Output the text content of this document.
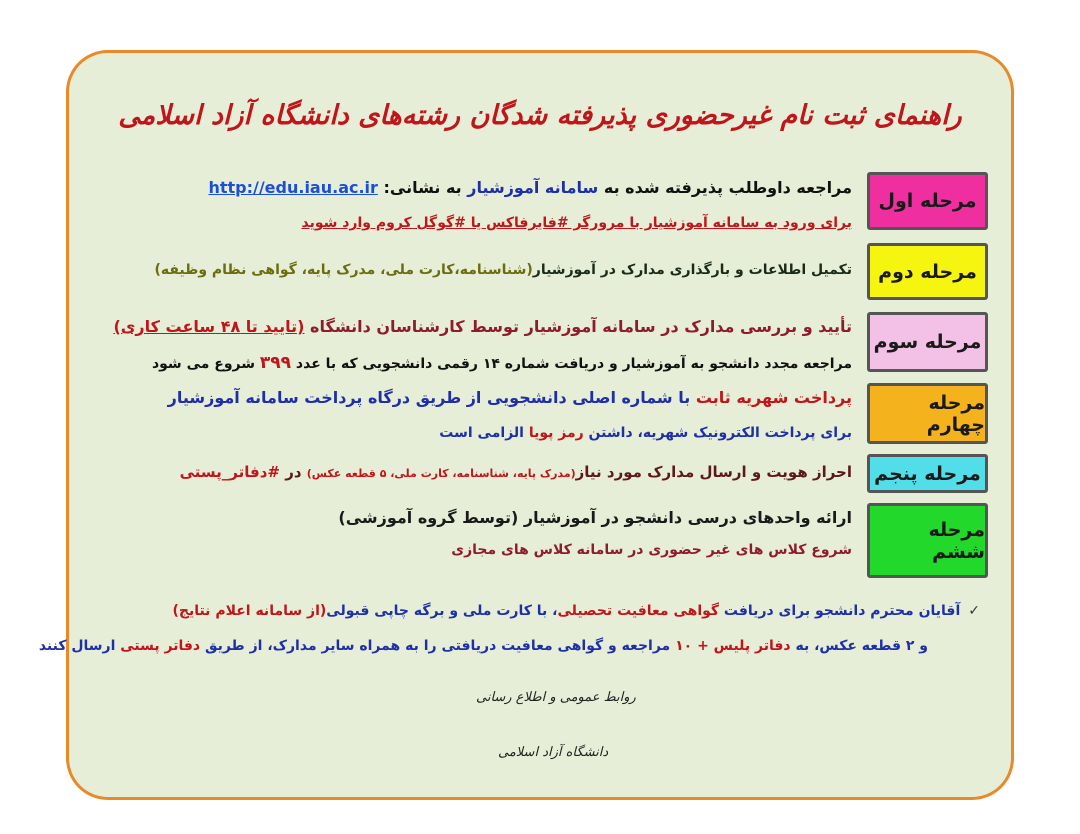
راهنمای ثبت نام غیرحضوری پذیرفته شدگان رشته‌های دانشگاه آزاد اسلامی
مرحله اول
مرحله دوم
مرحله سوم
مرحله چهارم
مرحله پنجم
مرحله ششم
مراجعه داوطلب پذیرفته شده به سامانه آموزشیار به نشانی: http://edu.iau.ac.ir
برای ورود به سامانه آموزشیار با مرورگر #فایرفاکس یا #گوگل کروم وارد شوید
تکمیل اطلاعات و بارگذاری مدارک در آموزشیار(شناسنامه،کارت ملی، مدرک پایه، گواهی نظام وظیفه)
تأیید و بررسی مدارک در سامانه آموزشیار توسط کارشناسان دانشگاه (تایید تا ۴۸ ساعت کاری)
مراجعه مجدد دانشجو به آموزشیار و دریافت شماره ۱۴ رقمی دانشجویی که با عدد ۳۹۹ شروع می شود
پرداخت شهریه ثابت با شماره اصلی دانشجویی از طریق درگاه پرداخت سامانه آموزشیار
برای پرداخت الکترونیک شهریه، داشتن رمز پویا الزامی است
احراز هویت و ارسال مدارک مورد نیاز(مدرک پایه، شناسنامه، کارت ملی، ۵ قطعه عکس) در #دفاتر_پستی
ارائه واحدهای درسی دانشجو در آموزشیار (توسط گروه آموزشی)
شروع کلاس های غیر حضوری در سامانه کلاس های مجازی
✓آقایان محترم دانشجو برای دریافت گواهی معافیت تحصیلی، با کارت ملی و برگه چاپی قبولی(از سامانه اعلام نتایج)
و ۲ قطعه عکس، به دفاتر پلیس + ۱۰ مراجعه و گواهی معافیت دریافتی را به همراه سایر مدارک، از طریق دفاتر پستی ارسال کنند
روابط عمومی و اطلاع رسانی
دانشگاه آزاد اسلامی
